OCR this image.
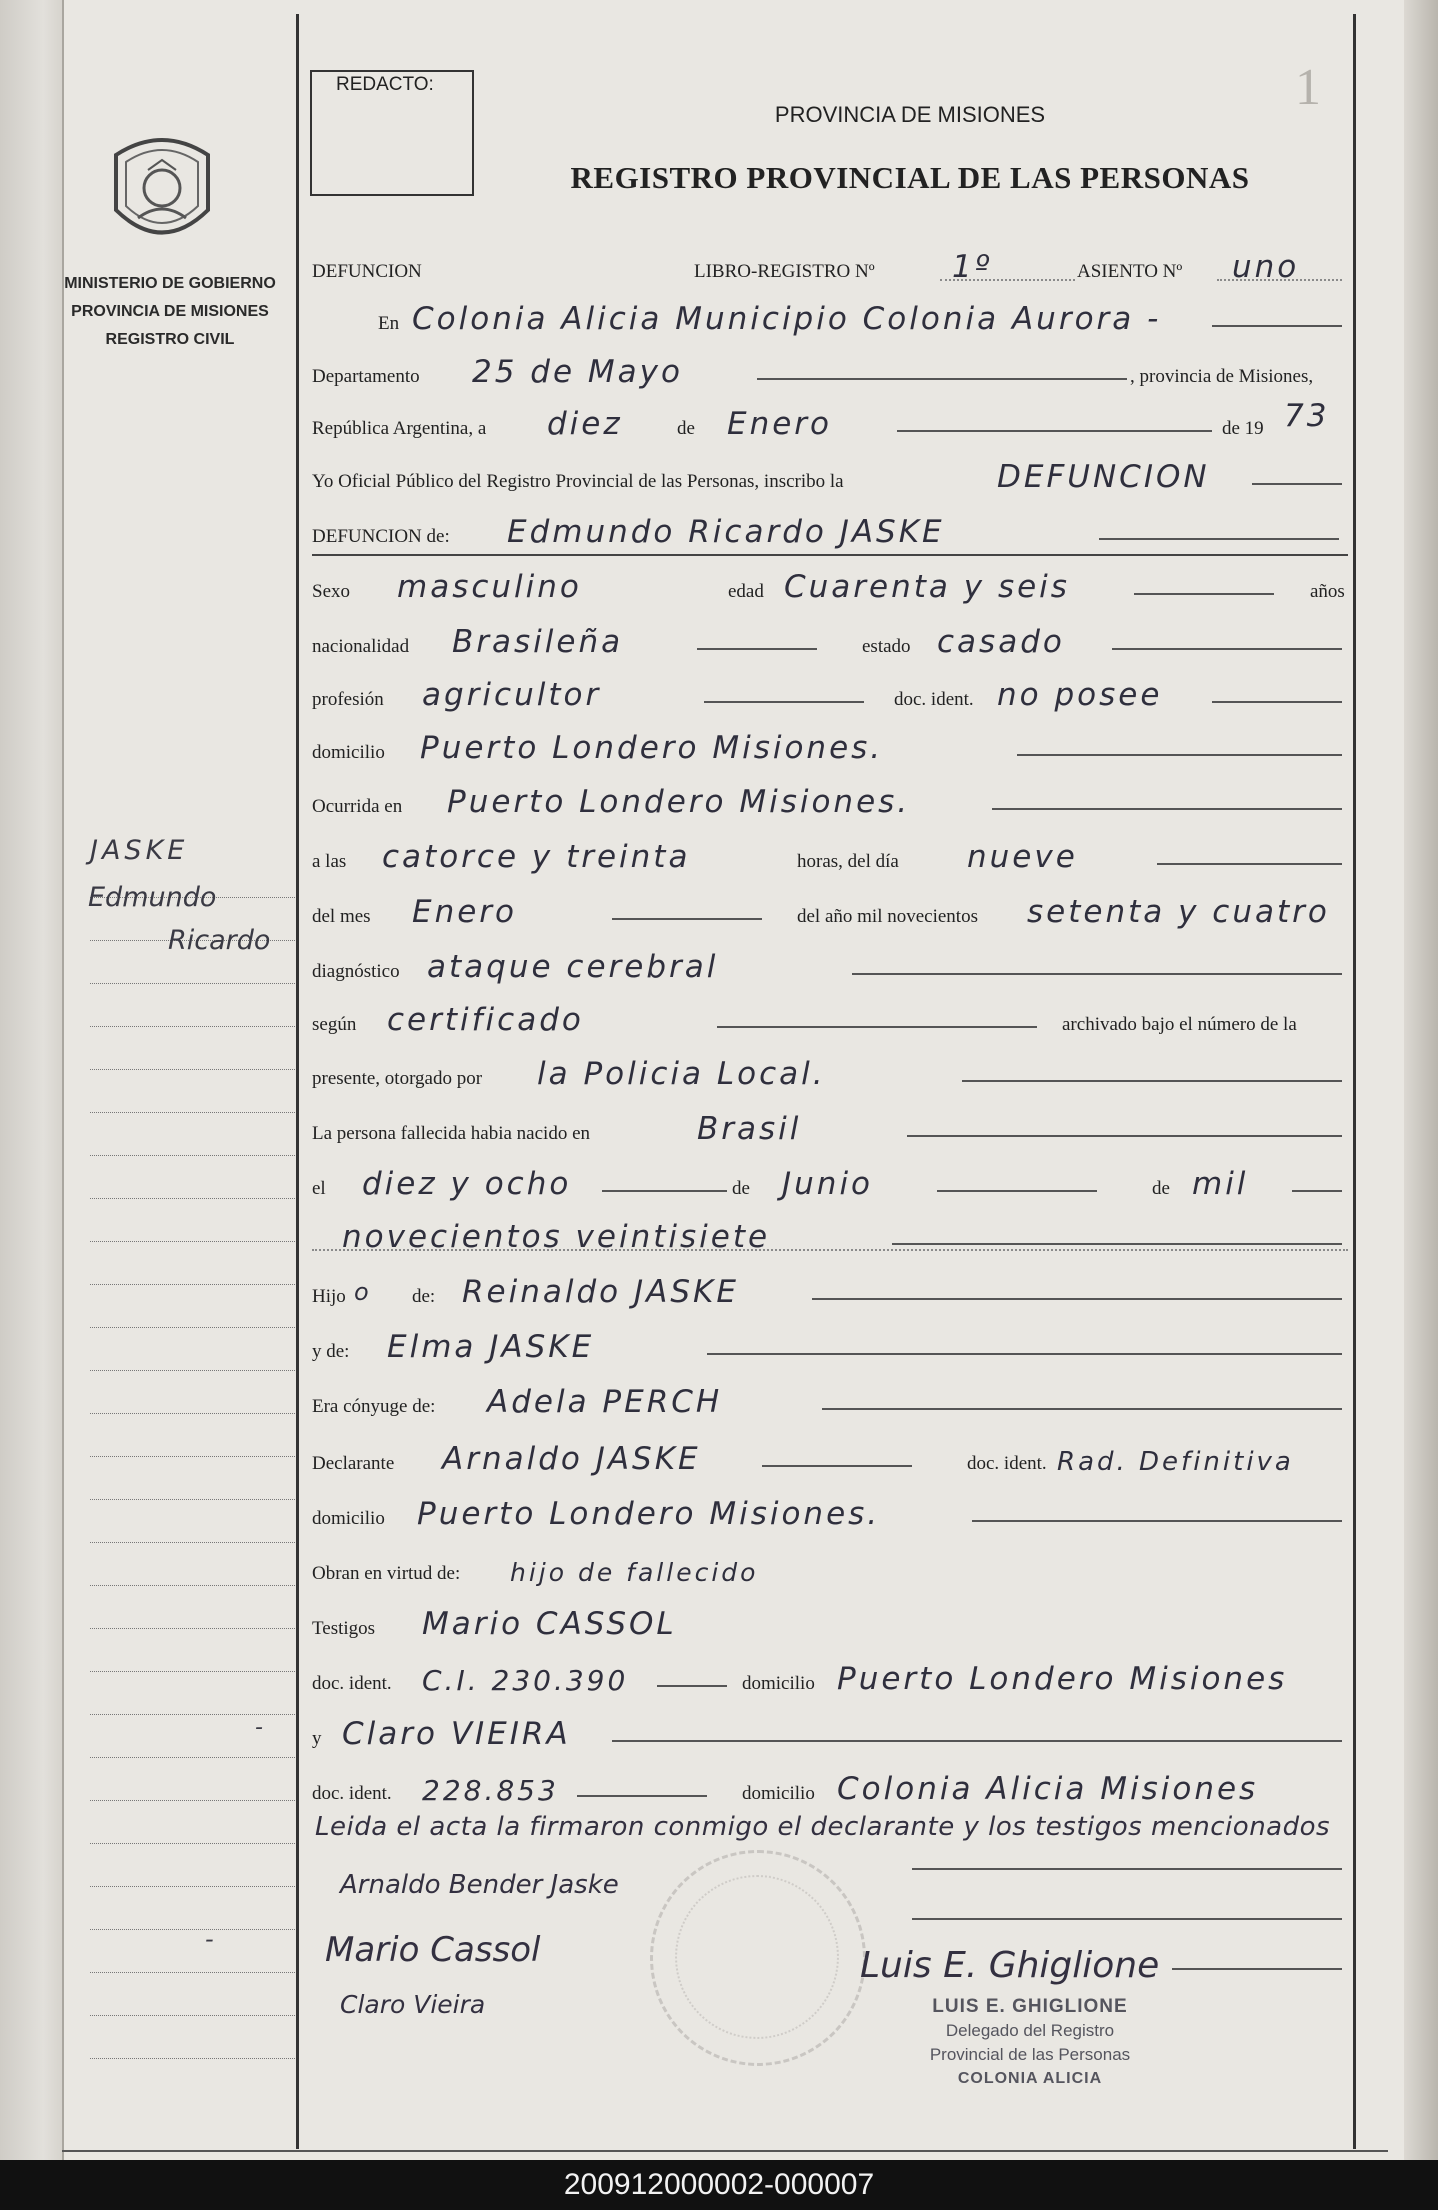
MINISTERIO DE GOBIERNO
PROVINCIA DE MISIONES
REGISTRO CIVIL
JASKE
Edmundo
Ricardo
-
-
REDACTO:	1
PROVINCIA DE MISIONES
REGISTRO PROVINCIAL DE LAS PERSONAS
DEFUNCION	LIBRO-REGISTRO Nº 1º	ASIENTO Nº uno
En Colonia Alicia Municipio Colonia Aurora -
Departamento 25 de Mayo	, provincia de Misiones,
República Argentina, a diez	de Enero	de 19 73
Yo Oficial Público del Registro Provincial de las Personas, inscribo la	DEFUNCION
DEFUNCION de: Edmundo Ricardo JASKE
Sexo masculino	edad Cuarenta y seis	años
nacionalidad Brasileña	estado casado
profesión agricultor	doc. ident. no posee
domicilio Puerto Londero Misiones.
Ocurrida en Puerto Londero Misiones.
a las catorce y treinta	horas, del día nueve
del mes Enero	del año mil novecientos setenta y cuatro
diagnóstico ataque cerebral
según certificado	archivado bajo el número de la
presente, otorgado por la Policia Local.
La persona fallecida habia nacido en	Brasil
el diez y ocho	de Junio	de mil
novecientos veintisiete
Hijo o de: Reinaldo JASKE
y de: Elma JASKE
Era cónyuge de: Adela PERCH
Declarante Arnaldo JASKE	doc. ident. Rad. Definitiva
domicilio Puerto Londero Misiones.
Obran en virtud de: hijo de fallecido
Testigos Mario CASSOL
doc. ident. C.I. 230.390	domicilio Puerto Londero Misiones
y Claro VIEIRA
doc. ident. 228.853	domicilio Colonia Alicia Misiones
Leida el acta la firmaron conmigo el declarante y los testigos mencionados
Arnaldo Bender Jaske
Mario Cassol
Claro Vieira
Luis E. Ghiglione
LUIS E. GHIGLIONE
Delegado del Registro
Provincial de las Personas
COLONIA ALICIA
200912000002-000007
